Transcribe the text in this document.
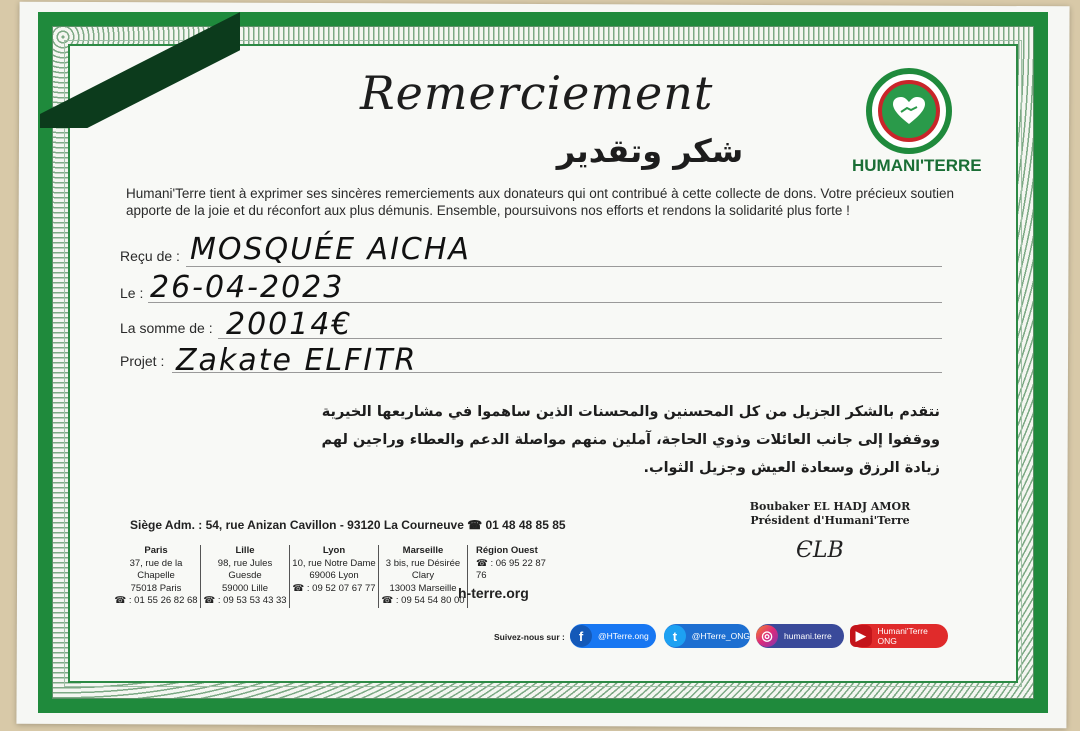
Remerciement
شكر وتقدير	HUMANI'TERRE
Humani'Terre tient à exprimer ses sincères remerciements aux donateurs qui ont contribué à cette collecte de dons. Votre précieux soutien apporte de la joie et du réconfort aux plus démunis. Ensemble, poursuivons nos efforts et rendons la solidarité plus forte !
Reçu de : MOSQUÉE AICHA
Le : 26-04-2023
La somme de : 20014€
Projet : Zakate ELFITR
نتقدم بالشكر الجزيل من كل المحسنين والمحسنات الذين ساهموا في مشاريعها الخيرية ووقفوا إلى جانب العائلات وذوي الحاجة، آملين منهم مواصلة الدعم والعطاء وراجين لهم زيادة الرزق وسعادة العيش وجزيل الثواب.
Boubaker EL HADJ AMOR
Président d'Humani'Terre
ЄLB
Siège Adm. : 54, rue Anizan Cavillon - 93120 La Courneuve ☎ 01 48 48 85 85
Paris
37, rue de la Chapelle
75018 Paris
☎ : 01 55 26 82 68
Lille
98, rue Jules Guesde
59000 Lille
☎ : 09 53 53 43 33
Lyon
10, rue Notre Dame
69006 Lyon
☎ : 09 52 07 67 77
Marseille
3 bis, rue Désirée Clary
13003 Marseille
☎ : 09 54 54 80 00
Région Ouest
☎ : 06 95 22 87 76
h-terre.org
Suivez-nous sur :	f	@HTerre.ong	t	@HTerre_ONG ◎	humani.terre	▶	Humani'Terre ONG
